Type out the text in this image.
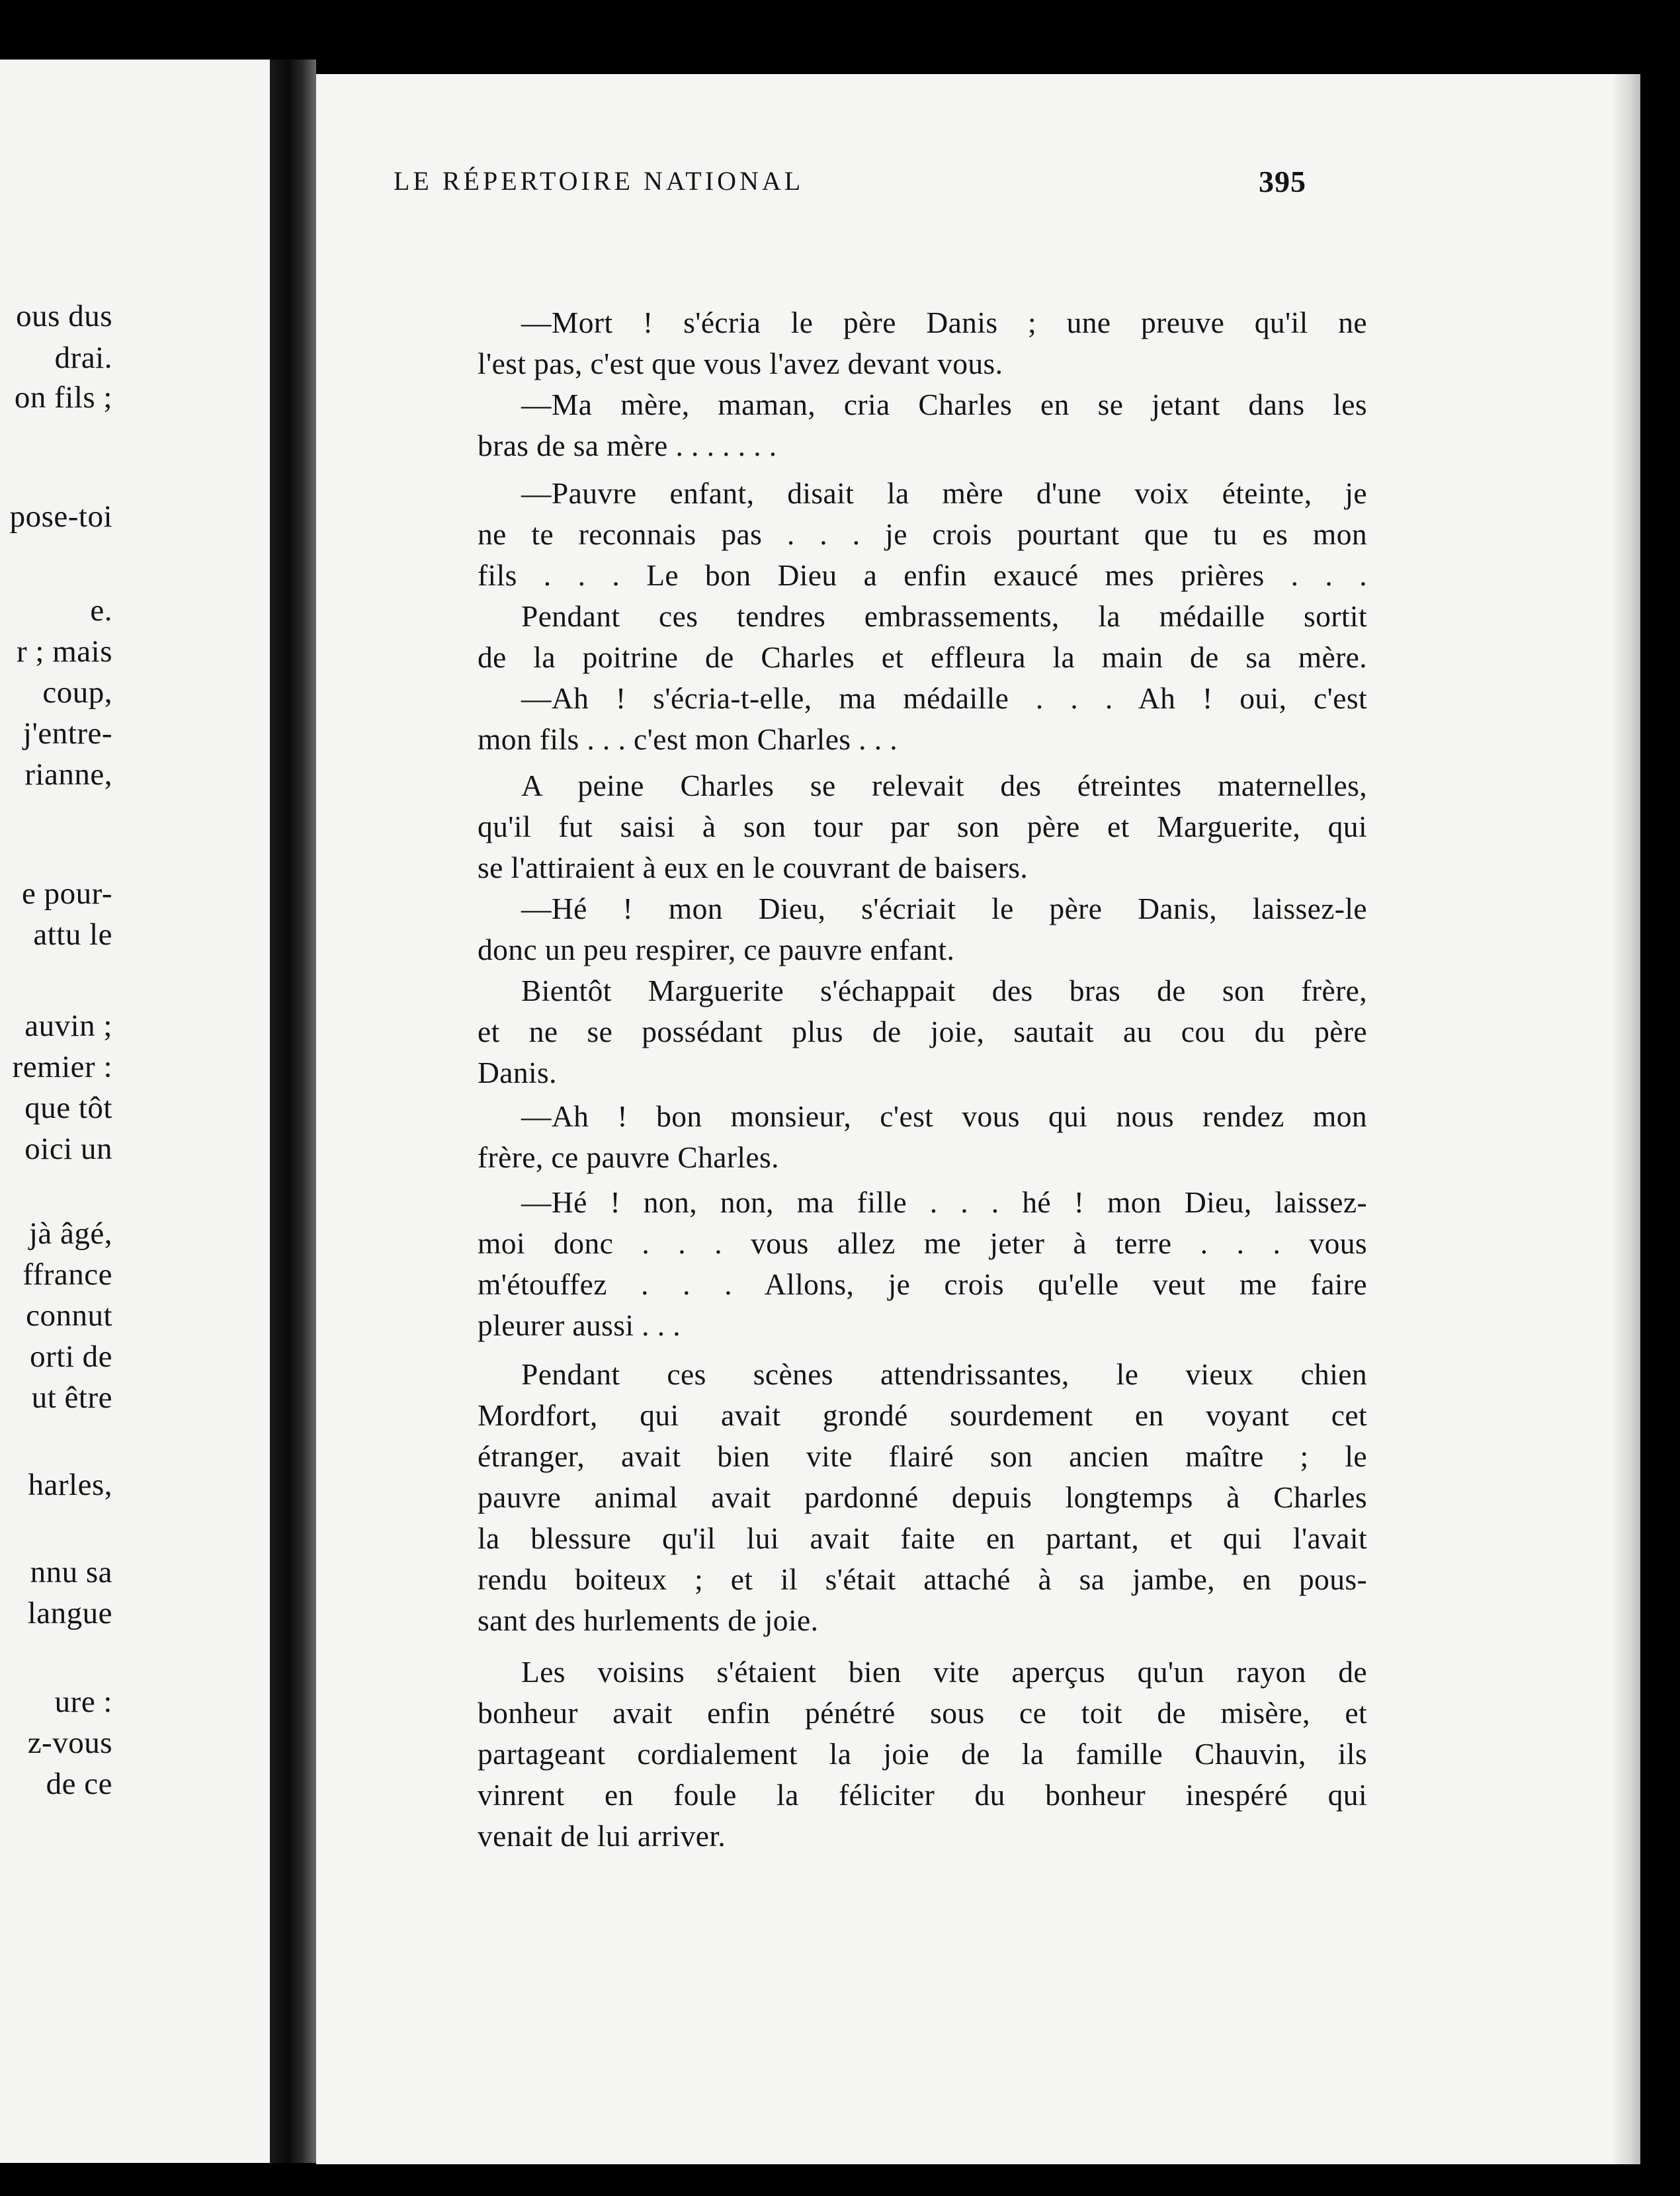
ous dus
drai.
on fils ;
pose-toi
e.
r ; mais
coup,
j'entre-
rianne,
e pour-
attu le
auvin ;
remier :
que tôt
oici un
jà âgé,
ffrance
connut
orti de
ut être
harles,
nnu sa
langue
ure :
z-vous
de ce
LE RÉPERTOIRE NATIONAL	395
—Mort ! s'écria le père Danis ; une preuve qu'il ne
l'est pas, c'est que vous l'avez devant vous.
—Ma mère, maman, cria Charles en se jetant dans les
bras de sa mère . . . . . . .
—Pauvre enfant, disait la mère d'une voix éteinte, je
ne te reconnais pas . . . je crois pourtant que tu es mon
fils . . . Le bon Dieu a enfin exaucé mes prières . . .
Pendant ces tendres embrassements, la médaille sortit
de la poitrine de Charles et effleura la main de sa mère.
—Ah ! s'écria-t-elle, ma médaille . . . Ah ! oui, c'est
mon fils . . . c'est mon Charles . . .
A peine Charles se relevait des étreintes maternelles,
qu'il fut saisi à son tour par son père et Marguerite, qui
se l'attiraient à eux en le couvrant de baisers.
—Hé ! mon Dieu, s'écriait le père Danis, laissez-le
donc un peu respirer, ce pauvre enfant.
Bientôt Marguerite s'échappait des bras de son frère,
et ne se possédant plus de joie, sautait au cou du père
Danis.
—Ah ! bon monsieur, c'est vous qui nous rendez mon
frère, ce pauvre Charles.
—Hé ! non, non, ma fille . . . hé ! mon Dieu, laissez-
moi donc . . . vous allez me jeter à terre . . . vous
m'étouffez . . . Allons, je crois qu'elle veut me faire
pleurer aussi . . .
Pendant ces scènes attendrissantes, le vieux chien
Mordfort, qui avait grondé sourdement en voyant cet
étranger, avait bien vite flairé son ancien maître ; le
pauvre animal avait pardonné depuis longtemps à Charles
la blessure qu'il lui avait faite en partant, et qui l'avait
rendu boiteux ; et il s'était attaché à sa jambe, en pous-
sant des hurlements de joie.
Les voisins s'étaient bien vite aperçus qu'un rayon de
bonheur avait enfin pénétré sous ce toit de misère, et
partageant cordialement la joie de la famille Chauvin, ils
vinrent en foule la féliciter du bonheur inespéré qui
venait de lui arriver.
